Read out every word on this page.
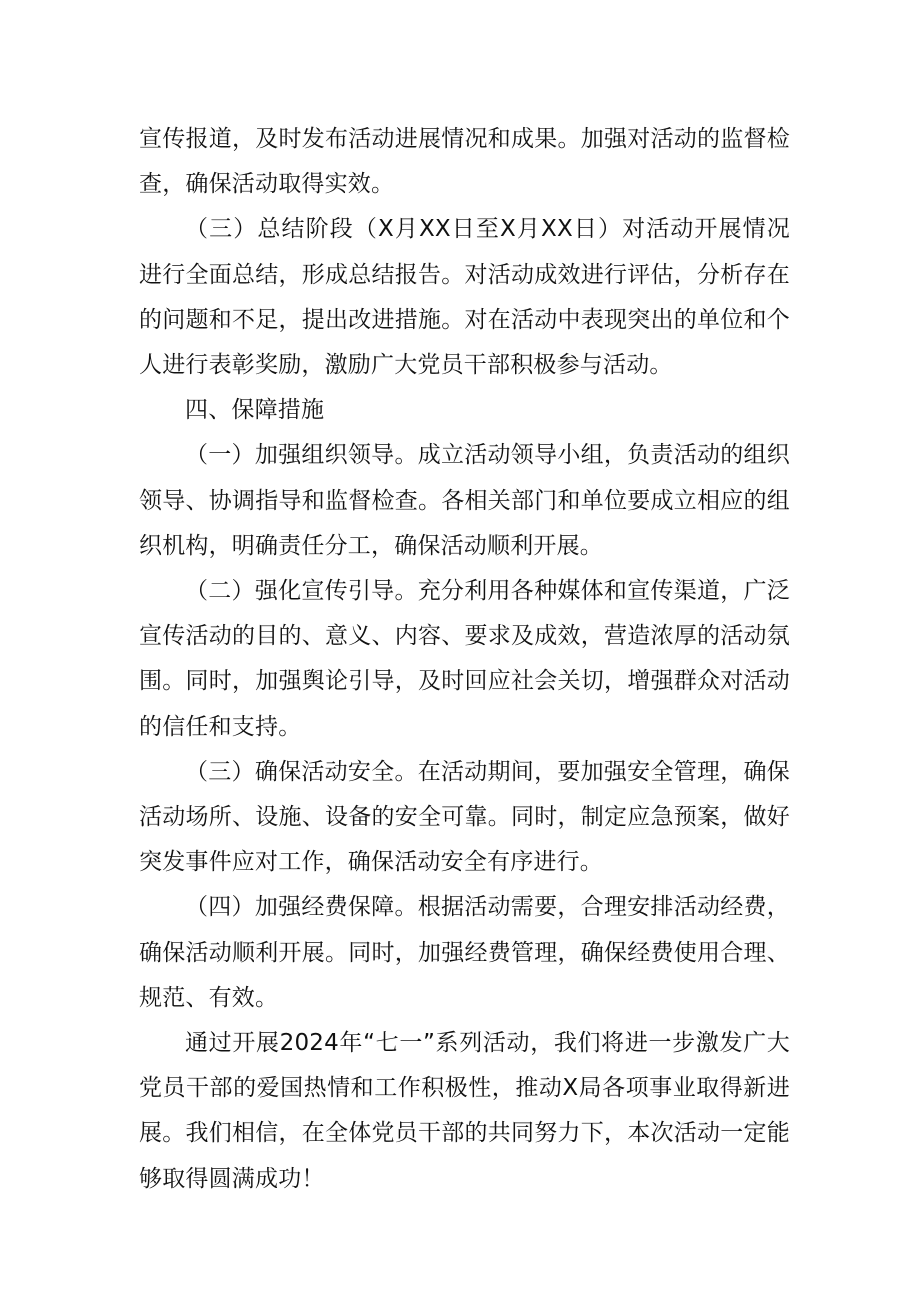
宣传报道，及时发布活动进展情况和成果。加强对活动的监督检查，确保活动取得实效。

（三）总结阶段（X月XX日至X月XX日）对活动开展情况进行全面总结，形成总结报告。对活动成效进行评估，分析存在的问题和不足，提出改进措施。对在活动中表现突出的单位和个人进行表彰奖励，激励广大党员干部积极参与活动。

四、保障措施

（一）加强组织领导。成立活动领导小组，负责活动的组织领导、协调指导和监督检查。各相关部门和单位要成立相应的组织机构，明确责任分工，确保活动顺利开展。

（二）强化宣传引导。充分利用各种媒体和宣传渠道，广泛宣传活动的目的、意义、内容、要求及成效，营造浓厚的活动氛围。同时，加强舆论引导，及时回应社会关切，增强群众对活动的信任和支持。

（三）确保活动安全。在活动期间，要加强安全管理，确保活动场所、设施、设备的安全可靠。同时，制定应急预案，做好突发事件应对工作，确保活动安全有序进行。

（四）加强经费保障。根据活动需要，合理安排活动经费，确保活动顺利开展。同时，加强经费管理，确保经费使用合理、规范、有效。

通过开展2024年“七一”系列活动，我们将进一步激发广大党员干部的爱国热情和工作积极性，推动X局各项事业取得新进展。我们相信，在全体党员干部的共同努力下，本次活动一定能够取得圆满成功！
